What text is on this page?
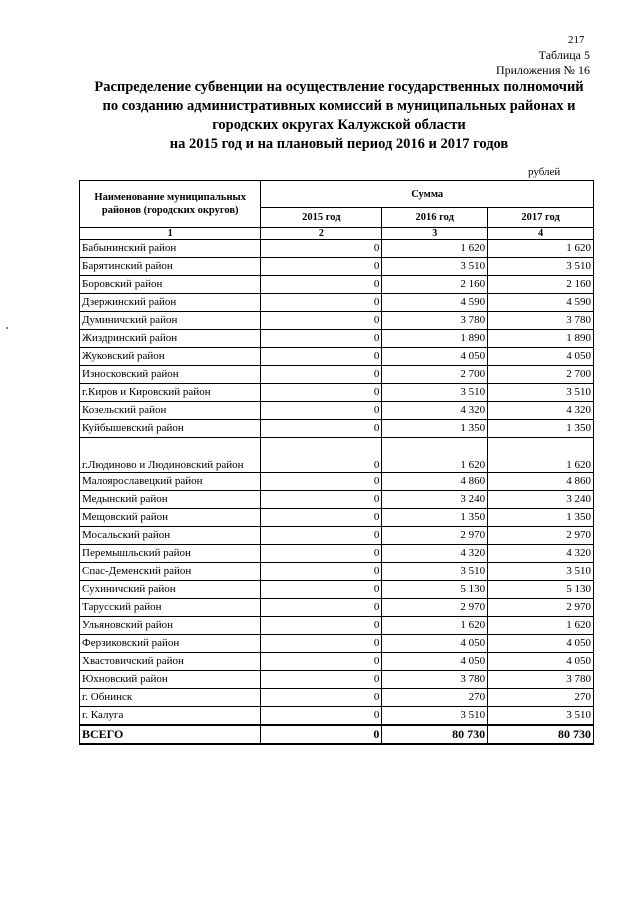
217
Таблица 5
Приложения № 16
Распределение субвенции на осуществление государственных полномочий
по созданию административных комиссий в муниципальных районах и
городских округах Калужской области
на 2015 год и на плановый период 2016 и 2017 годов
рублей
Наименование муниципальных районов (городских округов)	Сумма		
	2015 год	2016 год	2017 год
1	2	3	4
Бабынинский район	0	1 620	1 620
Барятинский район	0	3 510	3 510
Боровский район	0	2 160	2 160
Дзержинский район	0	4 590	4 590
Думиничский район	0	3 780	3 780
Жиздринский район	0	1 890	1 890
Жуковский район	0	4 050	4 050
Износковский район	0	2 700	2 700
г.Киров и Кировский район	0	3 510	3 510
Козельский район	0	4 320	4 320
Куйбышевский район	0	1 350	1 350
г.Людиново и Людиновский район	0	1 620	1 620
Малоярославецкий район	0	4 860	4 860
Медынский район	0	3 240	3 240
Мещовский район	0	1 350	1 350
Мосальский район	0	2 970	2 970
Перемышльский район	0	4 320	4 320
Спас-Деменский район	0	3 510	3 510
Сухиничский район	0	5 130	5 130
Тарусский район	0	2 970	2 970
Ульяновский район	0	1 620	1 620
Ферзиковский район	0	4 050	4 050
Хвастовичский район	0	4 050	4 050
Юхновский район	0	3 780	3 780
г. Обнинск	0	270	270
г. Калуга	0	3 510	3 510
ВСЕГО	0	80 730	80 730
